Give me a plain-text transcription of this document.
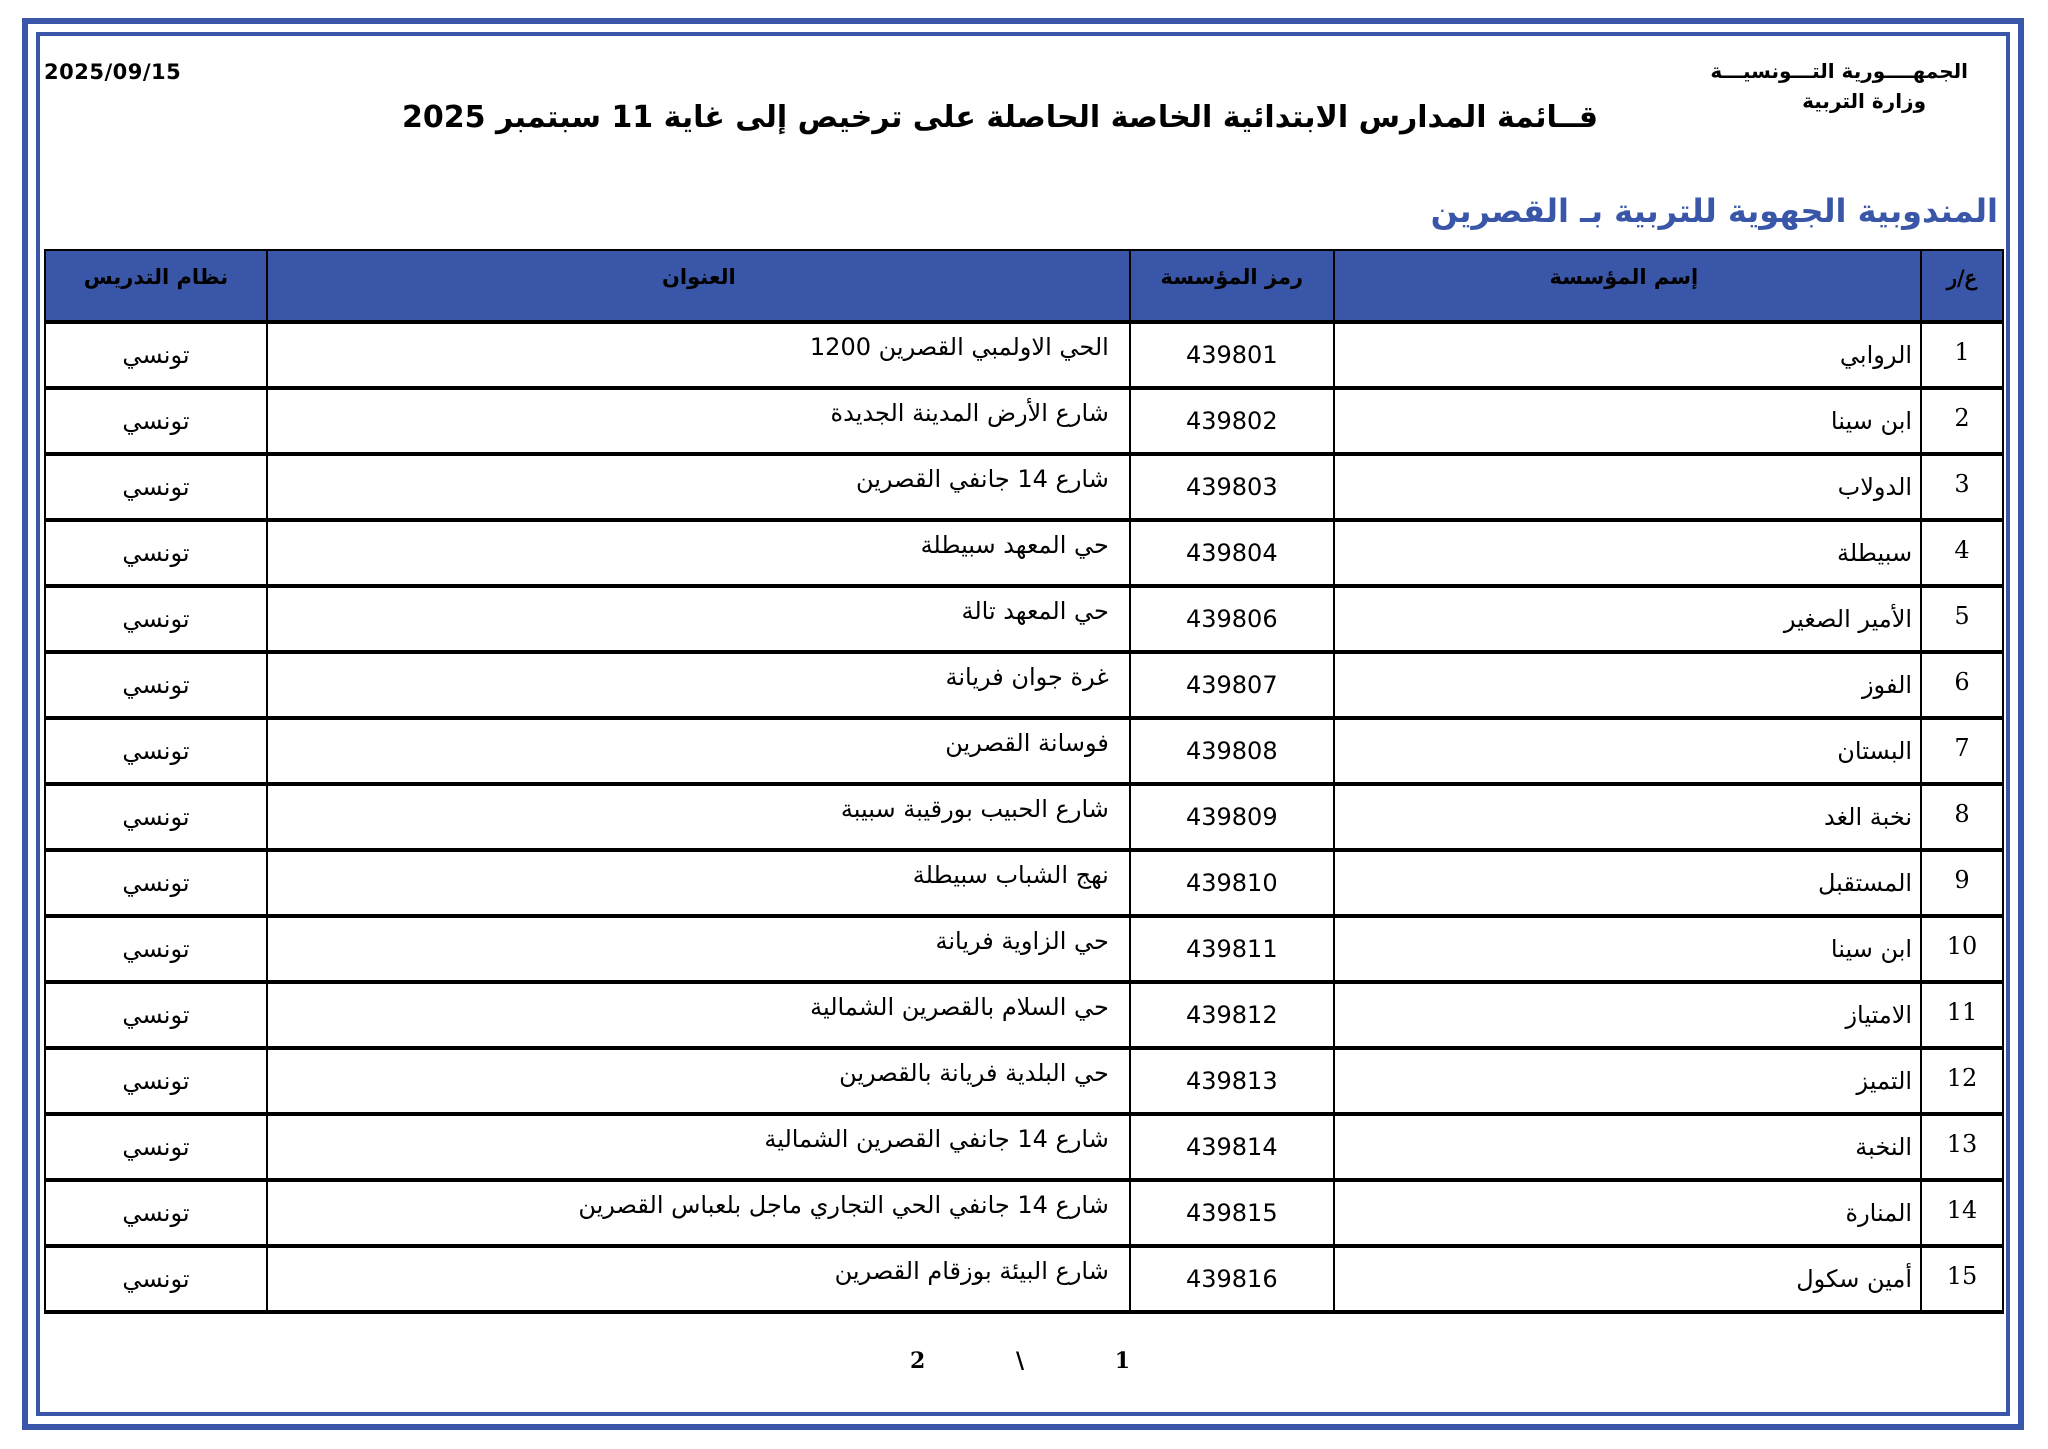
2025/09/15	الجمهــــورية التـــونسيـــة
وزارة التربية
قــائمة المدارس الابتدائية الخاصة الحاصلة على ترخيص إلى غاية 11 سبتمبر 2025
المندوبية الجهوية للتربية بـ القصرين
ع/ر	إسم المؤسسة	رمز المؤسسة	العنوان	نظام التدريس
1	الروابي	439801	الحي الاولمبي القصرين 1200	تونسي
2	ابن سينا	439802	شارع الأرض المدينة الجديدة	تونسي
3	الدولاب	439803	شارع 14 جانفي القصرين	تونسي
4	سبيطلة	439804	حي المعهد سبيطلة	تونسي
5	الأمير الصغير	439806	حي المعهد تالة	تونسي
6	الفوز	439807	غرة جوان فريانة	تونسي
7	البستان	439808	فوسانة القصرين	تونسي
8	نخبة الغد	439809	شارع الحبيب بورقيبة سبيبة	تونسي
9	المستقبل	439810	نهج الشباب سبيطلة	تونسي
10	ابن سينا	439811	حي الزاوية فريانة	تونسي
11	الامتياز	439812	حي السلام بالقصرين الشمالية	تونسي
12	التميز	439813	حي البلدية فريانة بالقصرين	تونسي
13	النخبة	439814	شارع 14 جانفي القصرين الشمالية	تونسي
14	المنارة	439815	شارع 14 جانفي الحي التجاري ماجل بلعباس القصرين	تونسي
15	أمين سكول	439816	شارع البيئة بوزقام القصرين	تونسي
1
\
2
